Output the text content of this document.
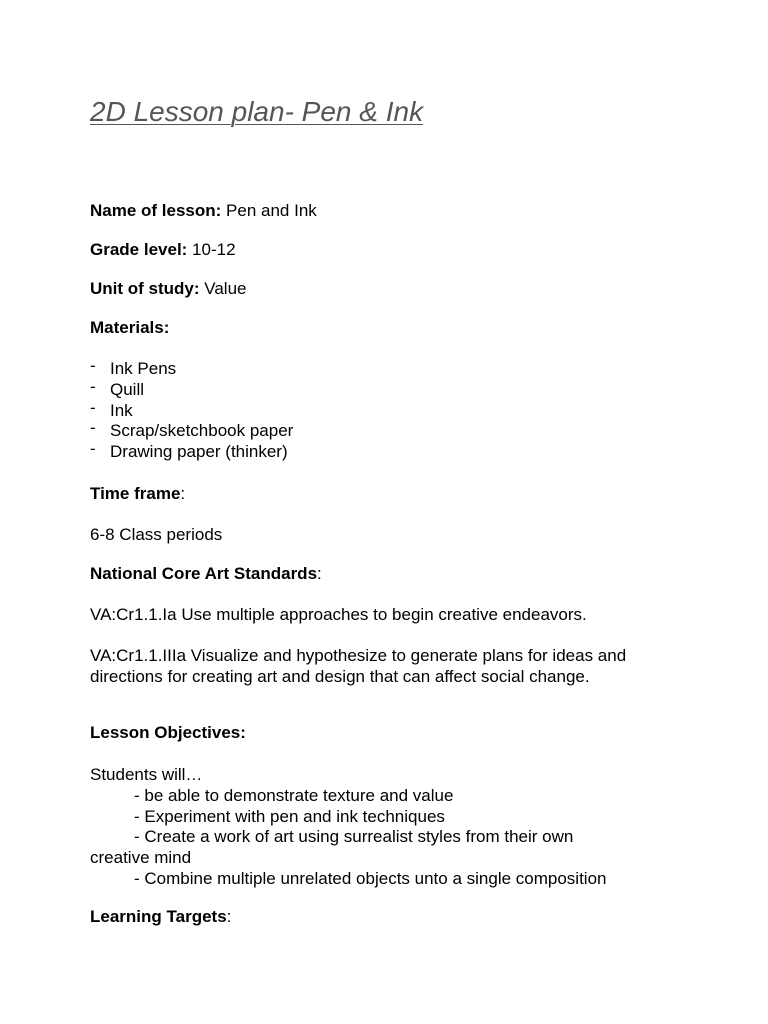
2D Lesson plan- Pen & Ink
Name of lesson: Pen and Ink
Grade level: 10-12
Unit of study: Value
Materials:
- Ink Pens
- Quill
- Ink
- Scrap/sketchbook paper
- Drawing paper (thinker)
Time frame:
6-8 Class periods
National Core Art Standards:
VA:Cr1.1.Ia Use multiple approaches to begin creative endeavors.
VA:Cr1.1.IIIa Visualize and hypothesize to generate plans for ideas and
directions for creating art and design that can affect social change.
Lesson Objectives:
Students will…
- be able to demonstrate texture and value
- Experiment with pen and ink techniques
- Create a work of art using surrealist styles from their own
creative mind
- Combine multiple unrelated objects unto a single composition
Learning Targets:
